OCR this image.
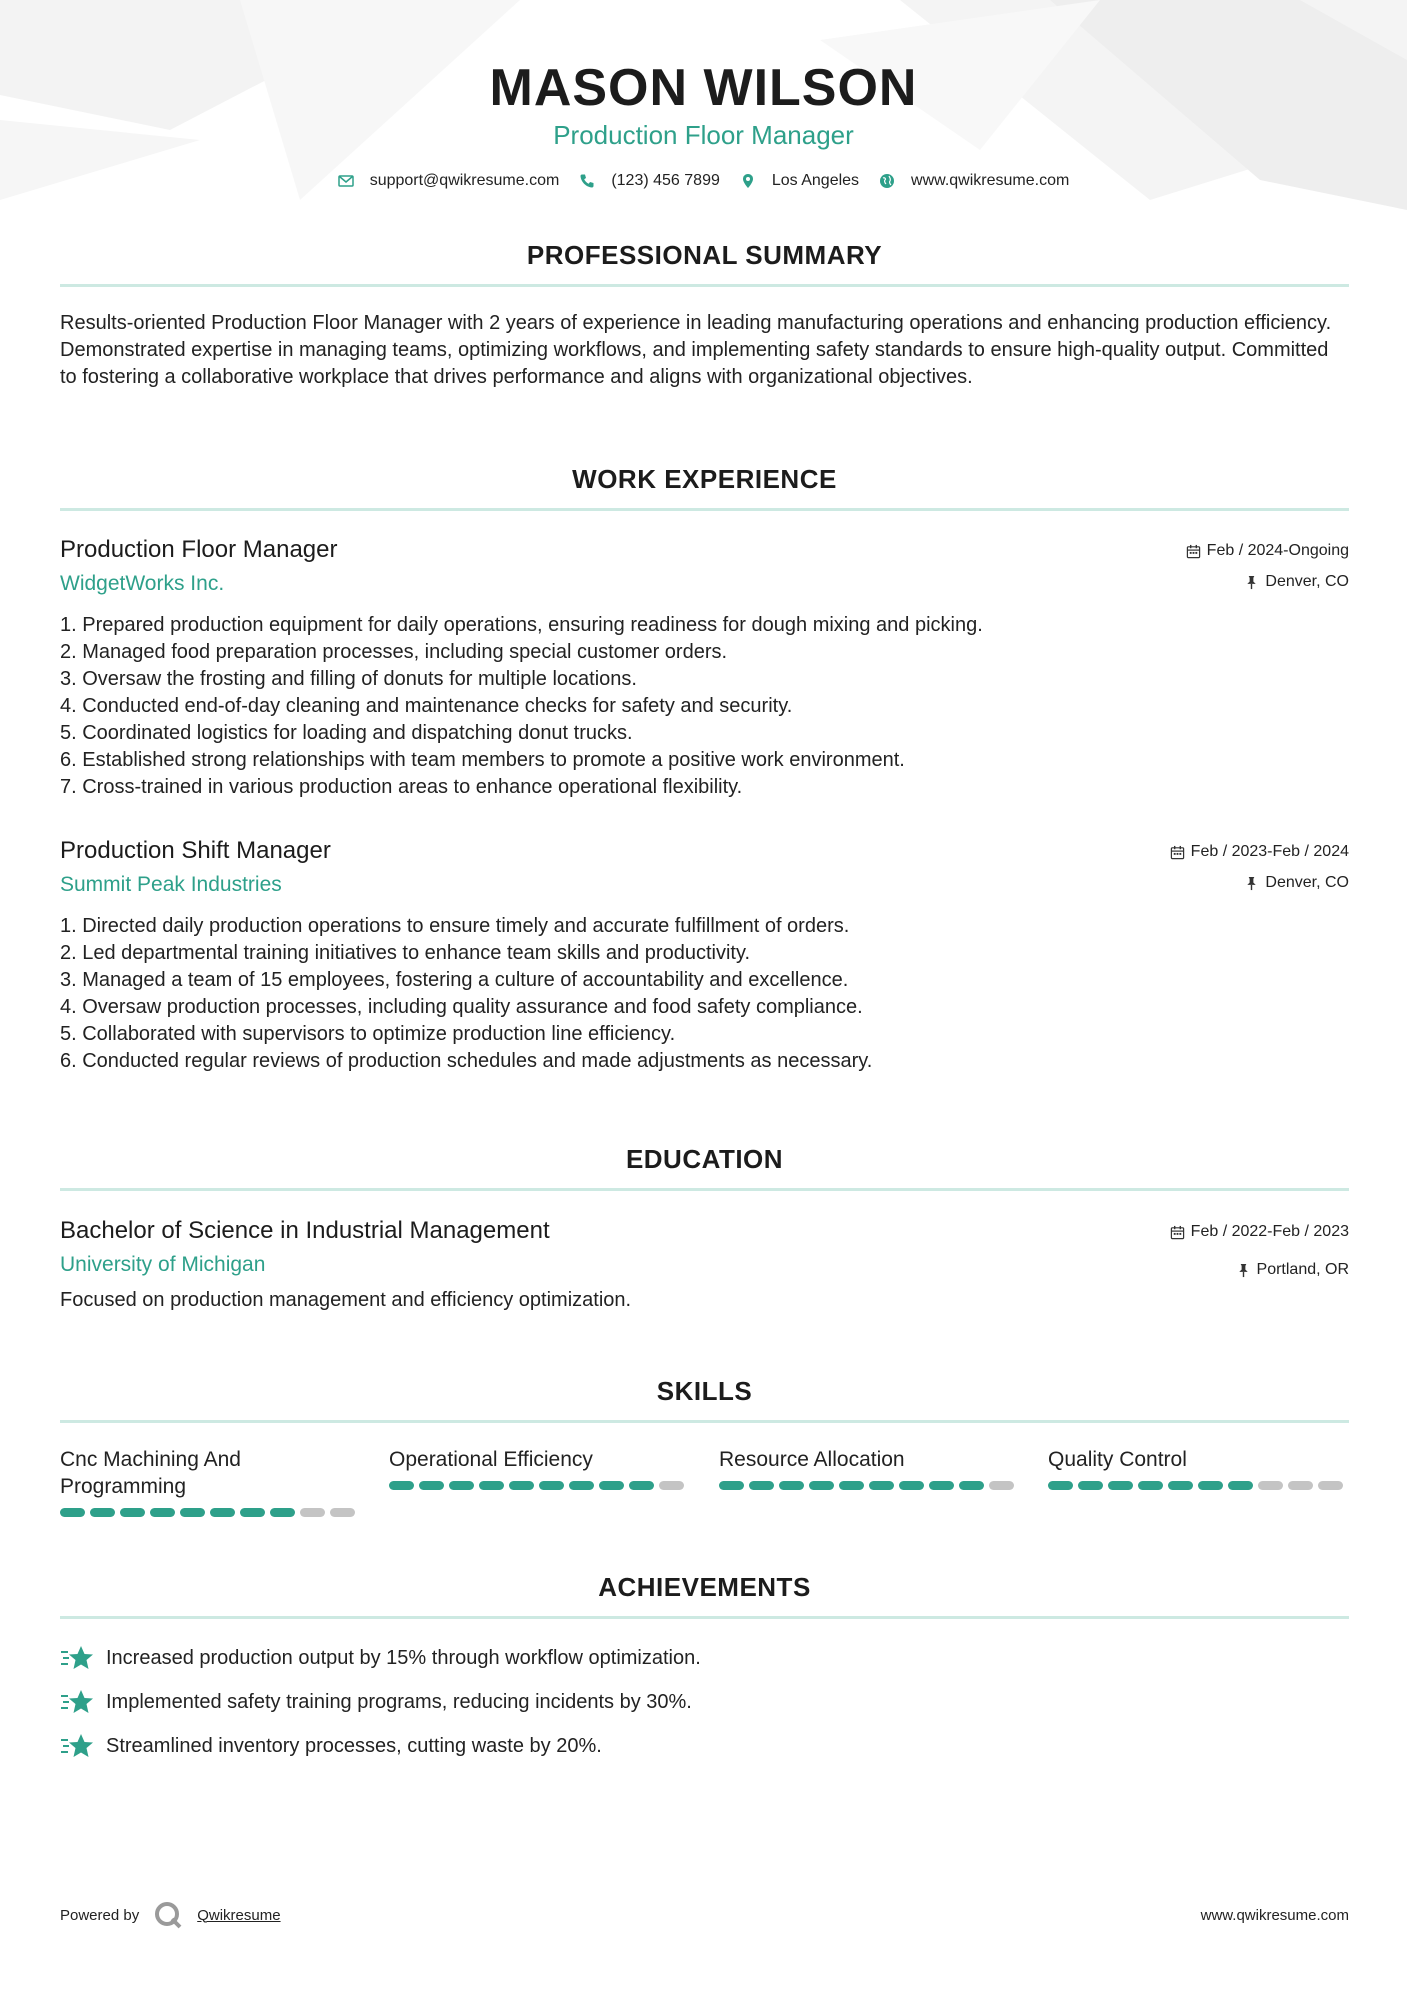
MASON WILSON
Production Floor Manager
support@qwikresume.com	(123) 456 7899	Los Angeles	www.qwikresume.com
PROFESSIONAL SUMMARY
Results-oriented Production Floor Manager with 2 years of experience in leading manufacturing operations and enhancing production efficiency. Demonstrated expertise in managing teams, optimizing workflows, and implementing safety standards to ensure high-quality output. Committed to fostering a collaborative workplace that drives performance and aligns with organizational objectives.
WORK EXPERIENCE
Production Floor Manager
WidgetWorks Inc.
Feb / 2024-Ongoing
Denver, CO
1. Prepared production equipment for daily operations, ensuring readiness for dough mixing and picking.
2. Managed food preparation processes, including special customer orders.
3. Oversaw the frosting and filling of donuts for multiple locations.
4. Conducted end-of-day cleaning and maintenance checks for safety and security.
5. Coordinated logistics for loading and dispatching donut trucks.
6. Established strong relationships with team members to promote a positive work environment.
7. Cross-trained in various production areas to enhance operational flexibility.
Production Shift Manager
Summit Peak Industries
Feb / 2023-Feb / 2024
Denver, CO
1. Directed daily production operations to ensure timely and accurate fulfillment of orders.
2. Led departmental training initiatives to enhance team skills and productivity.
3. Managed a team of 15 employees, fostering a culture of accountability and excellence.
4. Oversaw production processes, including quality assurance and food safety compliance.
5. Collaborated with supervisors to optimize production line efficiency.
6. Conducted regular reviews of production schedules and made adjustments as necessary.
EDUCATION
Bachelor of Science in Industrial Management
University of Michigan
Feb / 2022-Feb / 2023
Portland, OR
Focused on production management and efficiency optimization.
SKILLS
Cnc Machining And Programming
Operational Efficiency	Resource Allocation	Quality Control
ACHIEVEMENTS
Increased production output by 15% through workflow optimization.
Implemented safety training programs, reducing incidents by 30%.
Streamlined inventory processes, cutting waste by 20%.
Powered by	Qwikresume	www.qwikresume.com
